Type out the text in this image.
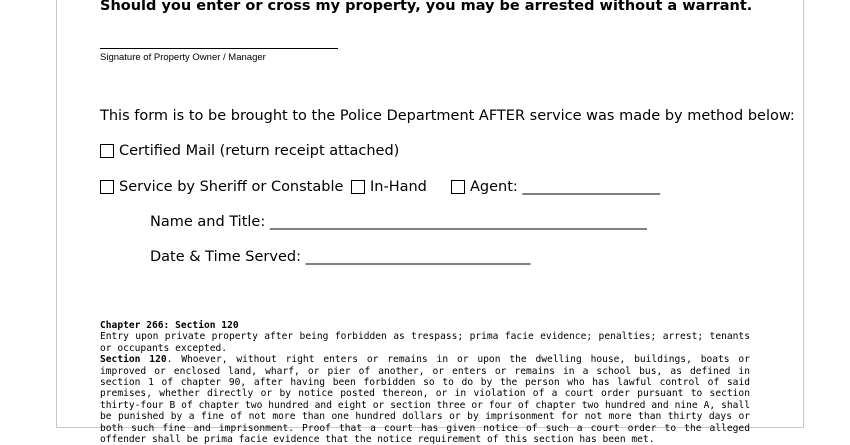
Should you enter or cross my property, you may be arrested without a warrant.
Signature of Property Owner / Manager
This form is to be brought to the Police Department AFTER service was made by method below:
Certified Mail (return receipt attached)
Service by Sheriff or Constable In-Hand	Agent: ___________________
Name and Title: ____________________________________________________
Date & Time Served: _______________________________

Chapter 266: Section 120

Entry upon private property after being forbidden as trespass; prima facie evidence; penalties; arrest; tenants or occupants excepted.

Section 120. Whoever, without right enters or remains in or upon the dwelling house, buildings, boats or improved or enclosed land, wharf, or pier of another, or enters or remains in a school bus, as defined in section 1 of chapter 90, after having been forbidden so to do by the person who has lawful control of said premises, whether directly or by notice posted thereon, or in violation of a court order pursuant to section thirty-four B of chapter two hundred and eight or section three or four of chapter two hundred and nine A, shall be punished by a fine of not more than one hundred dollars or by imprisonment for not more than thirty days or both such fine and imprisonment. Proof that a court has given notice of such a court order to the alleged offender shall be prima facie evidence that the notice requirement of this section has been met.
